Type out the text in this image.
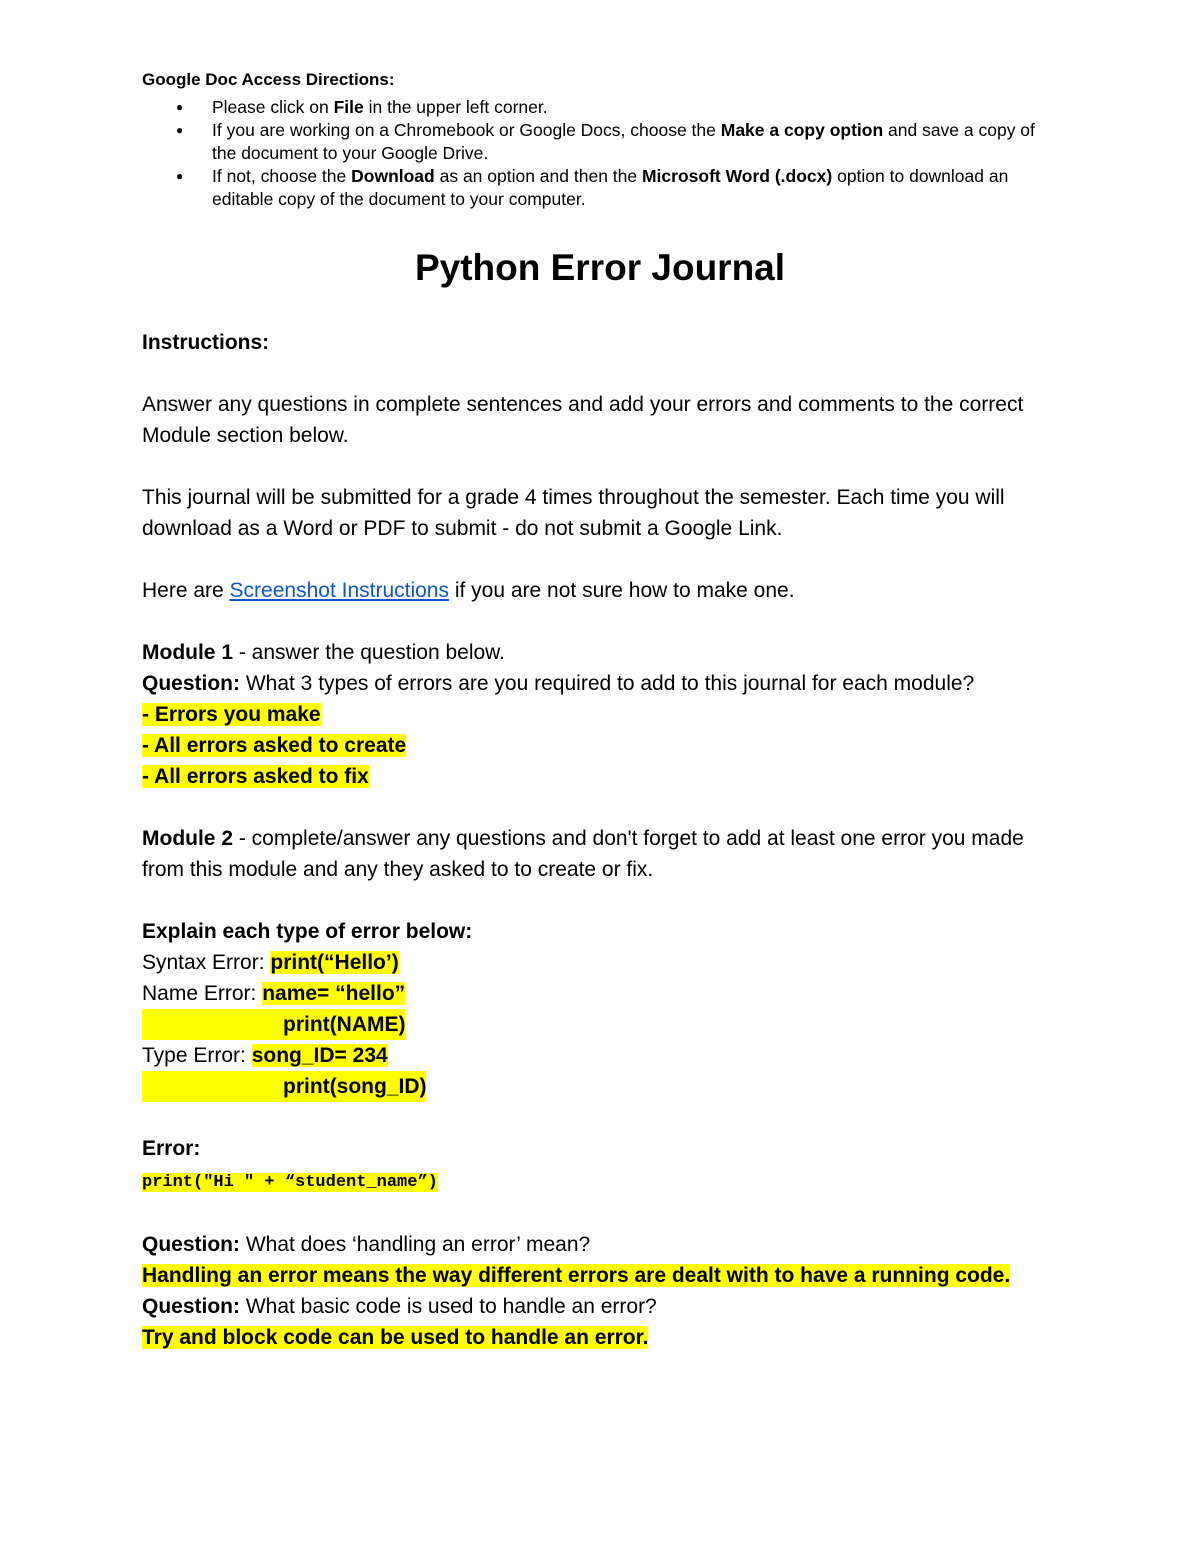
Google Doc Access Directions:
● Please click on File in the upper left corner.
● If you are working on a Chromebook or Google Docs, choose the Make a copy option and save a copy of the document to your Google Drive.
● If not, choose the Download as an option and then the Microsoft Word (.docx) option to download an editable copy of the document to your computer.
Python Error Journal

Instructions:

Answer any questions in complete sentences and add your errors and comments to the correct Module section below.

This journal will be submitted for a grade 4 times throughout the semester. Each time you will download as a Word or PDF to submit - do not submit a Google Link.

Here are Screenshot Instructions if you are not sure how to make one.

Module 1 - answer the question below.

Question: What 3 types of errors are you required to add to this journal for each module?

- Errors you make

- All errors asked to create

- All errors asked to fix

Module 2 - complete/answer any questions and don't forget to add at least one error you made from this module and any they asked to to create or fix.

Explain each type of error below:

Syntax Error: print(“Hello’)

Name Error: name= “hello”

print(NAME)

Type Error: song_ID= 234

print(song_ID)

Error:

print("Hi " + “student_name”)

Question: What does ‘handling an error’ mean?

Handling an error means the way different errors are dealt with to have a running code.

Question: What basic code is used to handle an error?

Try and block code can be used to handle an error.
